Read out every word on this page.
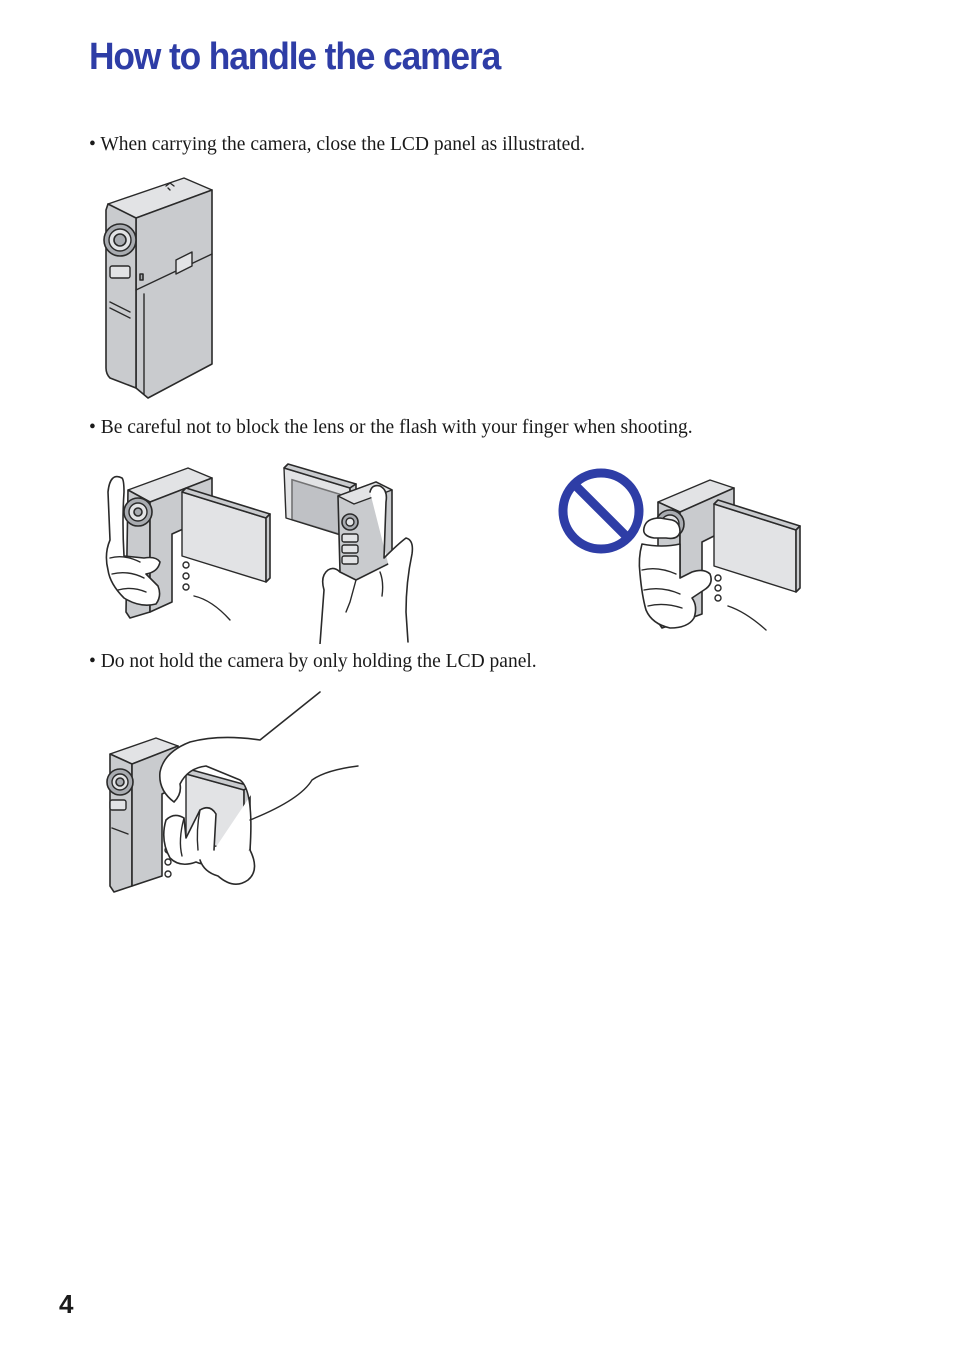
How to handle the camera
• When carrying the camera, close the LCD panel as illustrated.
• Be careful not to block the lens or the flash with your finger when shooting.
• Do not hold the camera by only holding the LCD panel.
4
